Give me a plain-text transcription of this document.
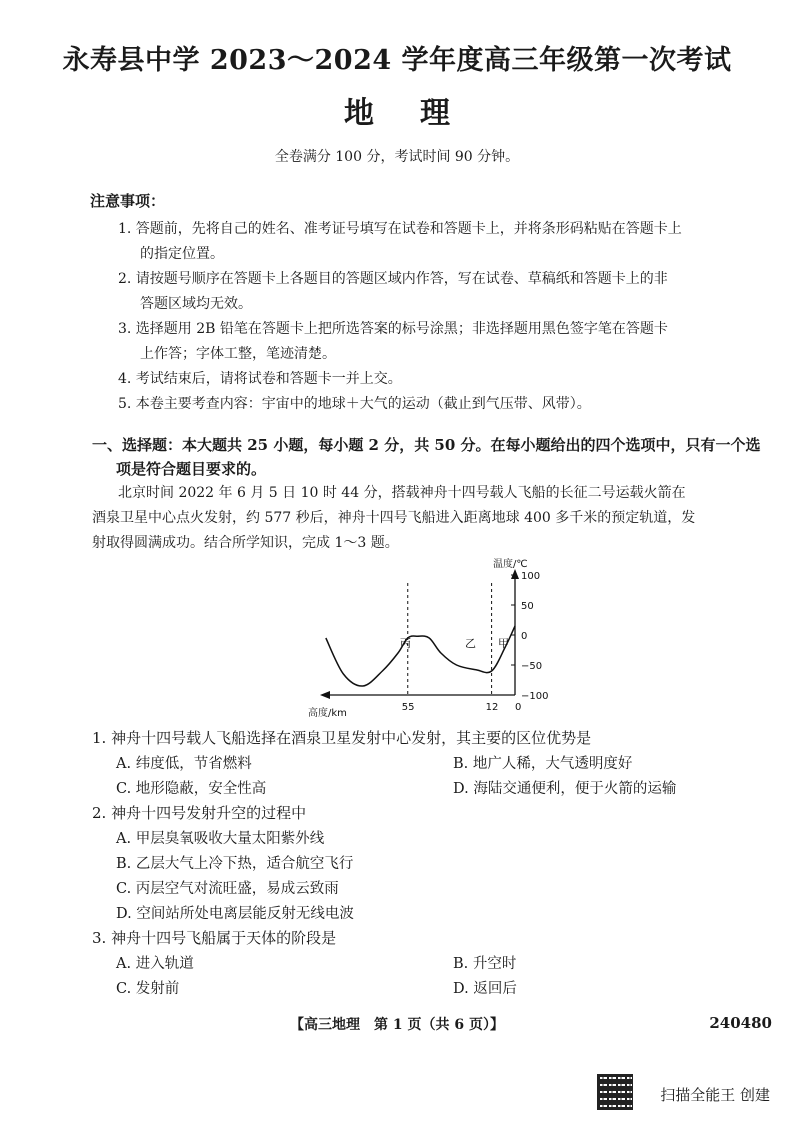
永寿县中学 2023～2024 学年度高三年级第一次考试
地理
全卷满分 100 分，考试时间 90 分钟。
注意事项：
1. 答题前，先将自己的姓名、准考证号填写在试卷和答题卡上，并将条形码粘贴在答题卡上
的指定位置。
2. 请按题号顺序在答题卡上各题目的答题区域内作答，写在试卷、草稿纸和答题卡上的非
答题区域均无效。
3. 选择题用 2B 铅笔在答题卡上把所选答案的标号涂黑；非选择题用黑色签字笔在答题卡
上作答；字体工整，笔迹清楚。
4. 考试结束后，请将试卷和答题卡一并上交。
5. 本卷主要考查内容：宇宙中的地球＋大气的运动（截止到气压带、风带）。
一、选择题：本大题共 25 小题，每小题 2 分，共 50 分。在每小题给出的四个选项中，只有一个选
项是符合题目要求的。
北京时间 2022 年 6 月 5 日 10 时 44 分，搭载神舟十四号载人飞船的长征二号运载火箭在
酒泉卫星中心点火发射，约 577 秒后，神舟十四号飞船进入距离地球 400 多千米的预定轨道，发
射取得圆满成功。结合所学知识，完成 1～3 题。
100
50
0
−50
−100
温度/℃
高度/km
55	12 0
丙	乙 甲
1. 神舟十四号载人飞船选择在酒泉卫星发射中心发射，其主要的区位优势是
A. 纬度低，节省燃料	B. 地广人稀，大气透明度好
C. 地形隐蔽，安全性高	D. 海陆交通便利，便于火箭的运输
2. 神舟十四号发射升空的过程中
A. 甲层臭氧吸收大量太阳紫外线
B. 乙层大气上冷下热，适合航空飞行
C. 丙层空气对流旺盛，易成云致雨
D. 空间站所处电离层能反射无线电波
3. 神舟十四号飞船属于天体的阶段是
A. 进入轨道	B. 升空时
C. 发射前	D. 返回后
【高三地理　第 1 页（共 6 页）】	240480
扫描全能王 创建
